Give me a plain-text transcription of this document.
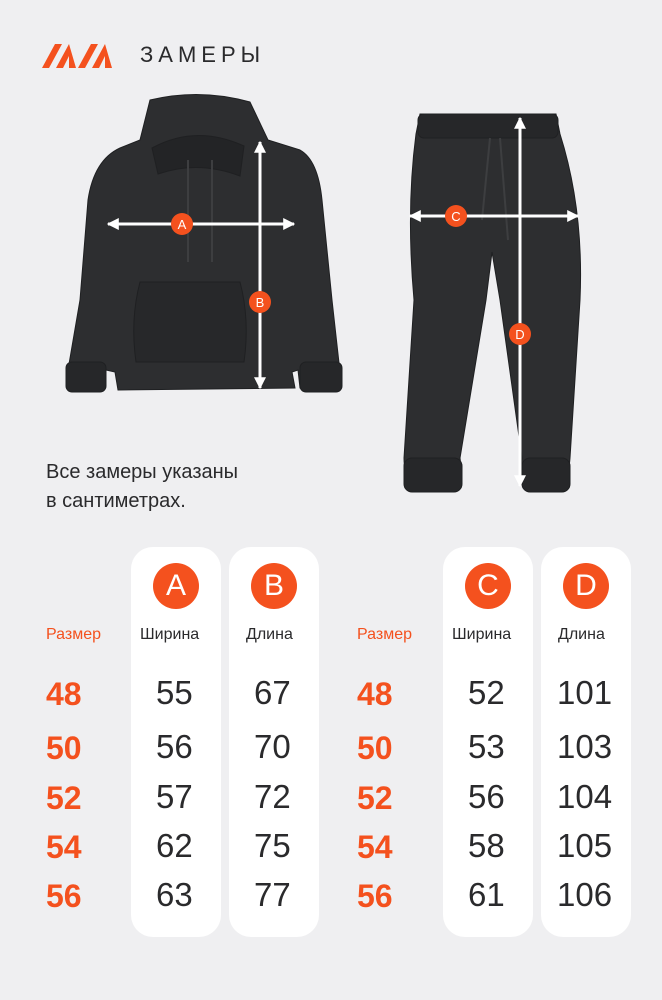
ЗАМЕРЫ
A
B
C
D
Все замеры указаны
в сантиметрах.
A	B
Размер Ширина	Длина
48 55 67
50 56 70
52 57 72
54 62 75
56 63 77
C	D
Размер	Ширина	Длина
48 52 101
50 53 103
52 56 104
54 58 105
56 61 106
